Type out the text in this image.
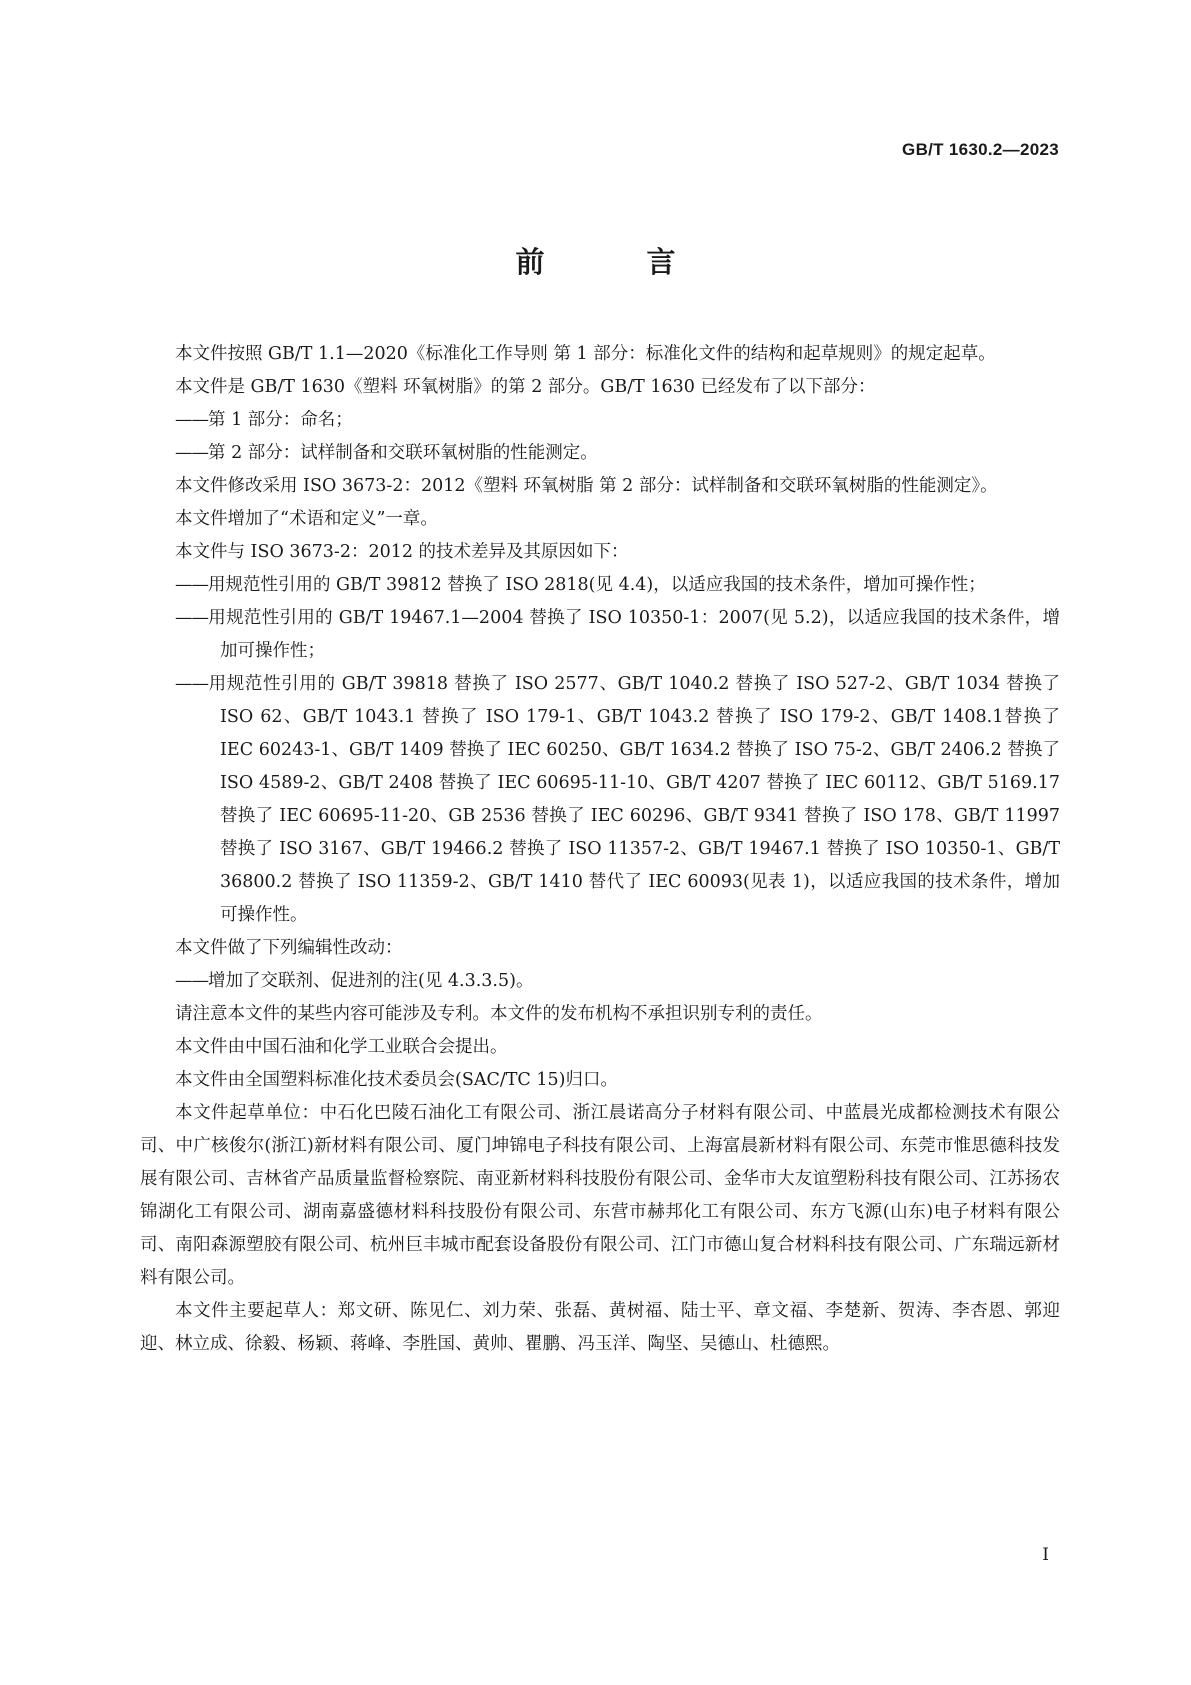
GB/T 1630.2—2023
前 言

本文件按照 GB/T 1.1—2020《标准化工作导则 第 1 部分：标准化文件的结构和起草规则》的规定起草。

本文件是 GB/T 1630《塑料 环氧树脂》的第 2 部分。GB/T 1630 已经发布了以下部分：

——第 1 部分：命名；

——第 2 部分：试样制备和交联环氧树脂的性能测定。

本文件修改采用 ISO 3673-2：2012《塑料 环氧树脂 第 2 部分：试样制备和交联环氧树脂的性能测定》。

本文件增加了“术语和定义”一章。

本文件与 ISO 3673-2：2012 的技术差异及其原因如下：

——用规范性引用的 GB/T 39812 替换了 ISO 2818(见 4.4)，以适应我国的技术条件，增加可操作性；

——用规范性引用的 GB/T 19467.1—2004 替换了 ISO 10350-1：2007(见 5.2)，以适应我国的技术条件，增加可操作性；

——用规范性引用的 GB/T 39818 替换了 ISO 2577、GB/T 1040.2 替换了 ISO 527-2、GB/T 1034 替换了 ISO 62、GB/T 1043.1 替换了 ISO 179-1、GB/T 1043.2 替换了 ISO 179-2、GB/T 1408.1替换了 IEC 60243-1、GB/T 1409 替换了 IEC 60250、GB/T 1634.2 替换了 ISO 75-2、GB/T 2406.2 替换了ISO 4589-2、GB/T 2408 替换了 IEC 60695-11-10、GB/T 4207 替换了 IEC 60112、GB/T 5169.17替换了 IEC 60695-11-20、GB 2536 替换了 IEC 60296、GB/T 9341 替换了 ISO 178、GB/T 11997 替换了 ISO 3167、GB/T 19466.2 替换了 ISO 11357-2、GB/T 19467.1 替换了 ISO 10350-1、GB/T 36800.2 替换了 ISO 11359-2、GB/T 1410 替代了 IEC 60093(见表 1)，以适应我国的技术条件，增加可操作性。

本文件做了下列编辑性改动：

——增加了交联剂、促进剂的注(见 4.3.3.5)。

请注意本文件的某些内容可能涉及专利。本文件的发布机构不承担识别专利的责任。

本文件由中国石油和化学工业联合会提出。

本文件由全国塑料标准化技术委员会(SAC/TC 15)归口。

本文件起草单位：中石化巴陵石油化工有限公司、浙江晨诺高分子材料有限公司、中蓝晨光成都检测技术有限公司、中广核俊尔(浙江)新材料有限公司、厦门坤锦电子科技有限公司、上海富晨新材料有限公司、东莞市惟思德科技发展有限公司、吉林省产品质量监督检察院、南亚新材料科技股份有限公司、金华市大友谊塑粉科技有限公司、江苏扬农锦湖化工有限公司、湖南嘉盛德材料科技股份有限公司、东营市赫邦化工有限公司、东方飞源(山东)电子材料有限公司、南阳森源塑胶有限公司、杭州巨丰城市配套设备股份有限公司、江门市德山复合材料科技有限公司、广东瑞远新材料有限公司。

本文件主要起草人：郑文研、陈见仁、刘力荣、张磊、黄树福、陆士平、章文福、李楚新、贺涛、李杏恩、郭迎迎、林立成、徐毅、杨颖、蒋峰、李胜国、黄帅、瞿鹏、冯玉洋、陶坚、吴德山、杜德熙。

I
